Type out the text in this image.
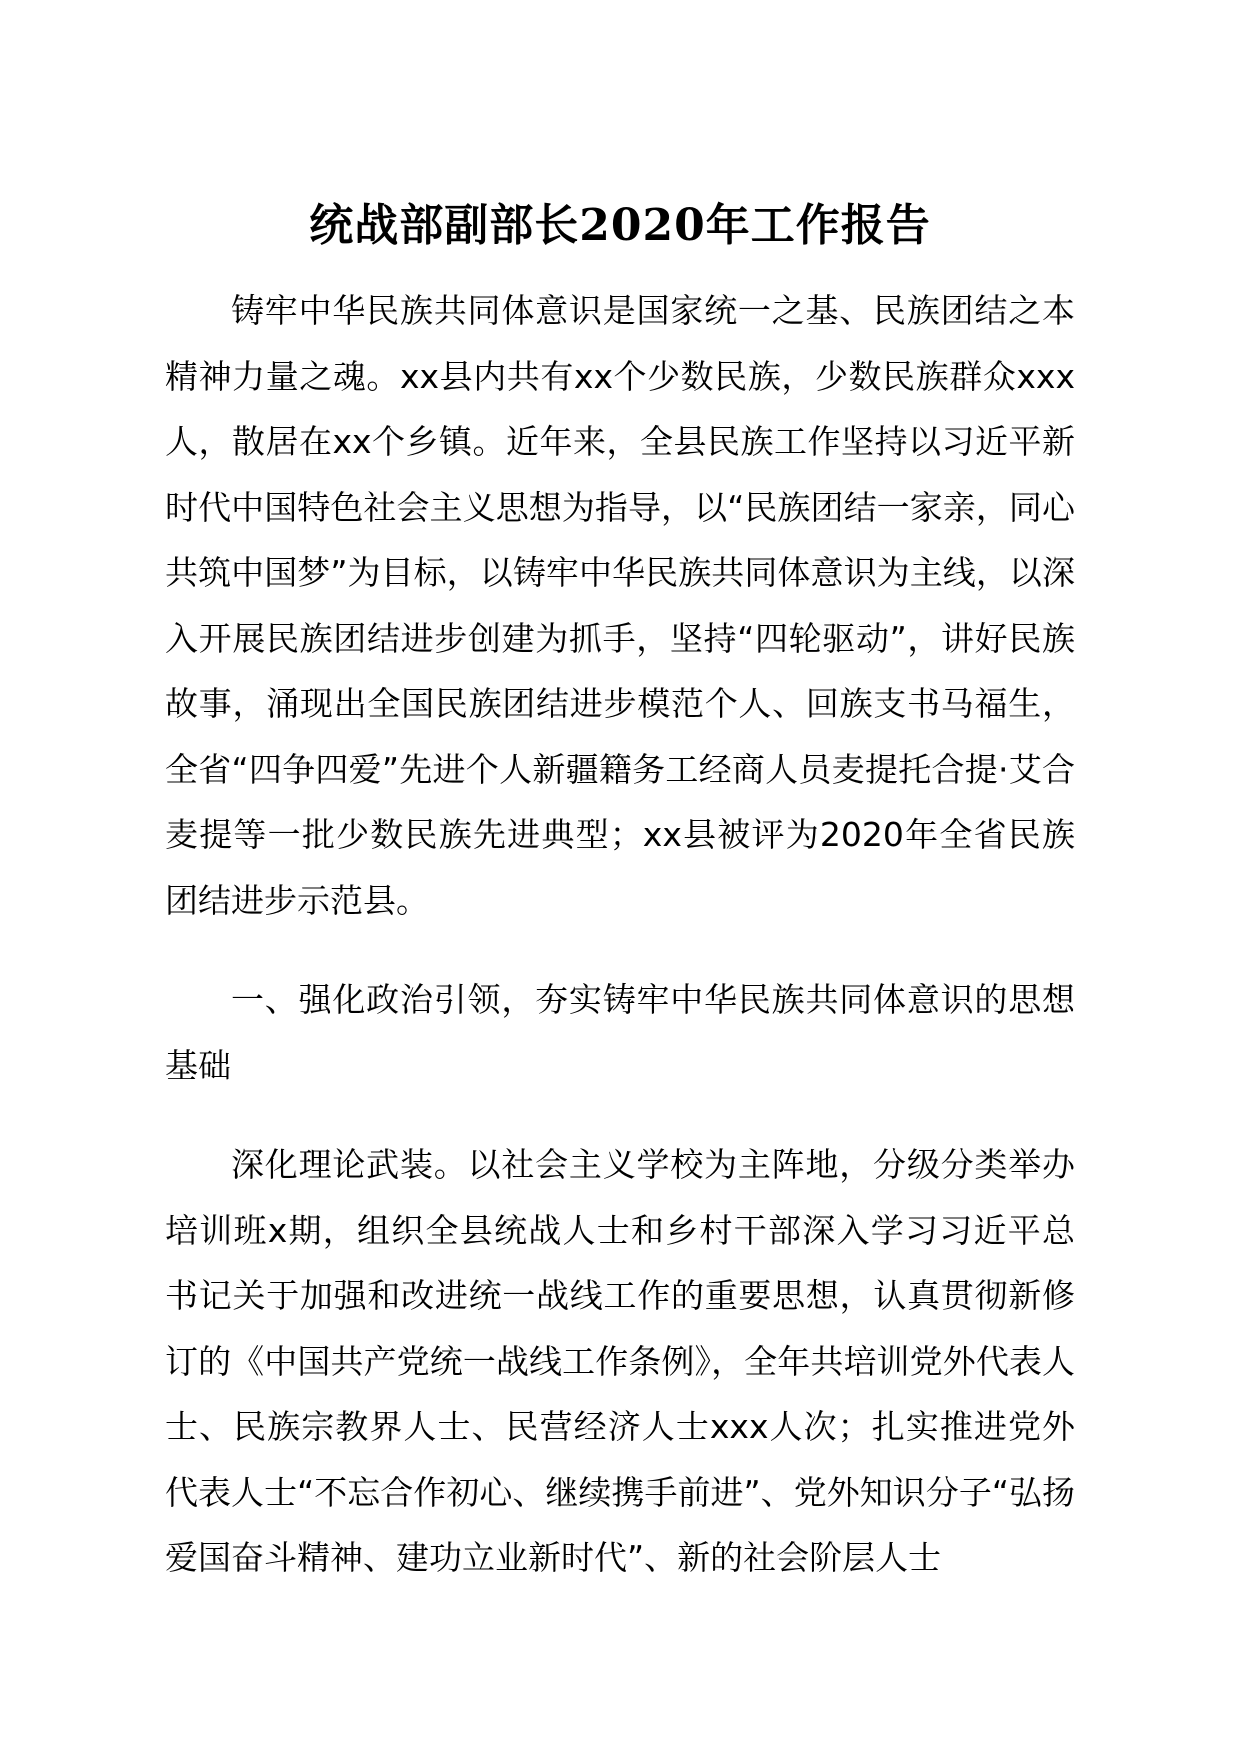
统战部副部长2020年工作报告

铸牢中华民族共同体意识是国家统一之基、民族团结之本精神力量之魂。xx县内共有xx个少数民族，少数民族群众xxx人，散居在xx个乡镇。近年来，全县民族工作坚持以习近平新时代中国特色社会主义思想为指导，以“民族团结一家亲，同心共筑中国梦”为目标，以铸牢中华民族共同体意识为主线，以深入开展民族团结进步创建为抓手，坚持“四轮驱动”，讲好民族故事，涌现出全国民族团结进步模范个人、回族支书马福生，全省“四争四爱”先进个人新疆籍务工经商人员麦提托合提·艾合麦提等一批少数民族先进典型；xx县被评为2020年全省民族团结进步示范县。

一、强化政治引领，夯实铸牢中华民族共同体意识的思想基础

深化理论武装。以社会主义学校为主阵地，分级分类举办培训班x期，组织全县统战人士和乡村干部深入学习习近平总书记关于加强和改进统一战线工作的重要思想，认真贯彻新修订的《中国共产党统一战线工作条例》，全年共培训党外代表人士、民族宗教界人士、民营经济人士xxx人次；扎实推进党外代表人士“不忘合作初心、继续携手前进”、党外知识分子“弘扬爱国奋斗精神、建功立业新时代”、新的社会阶层人士
